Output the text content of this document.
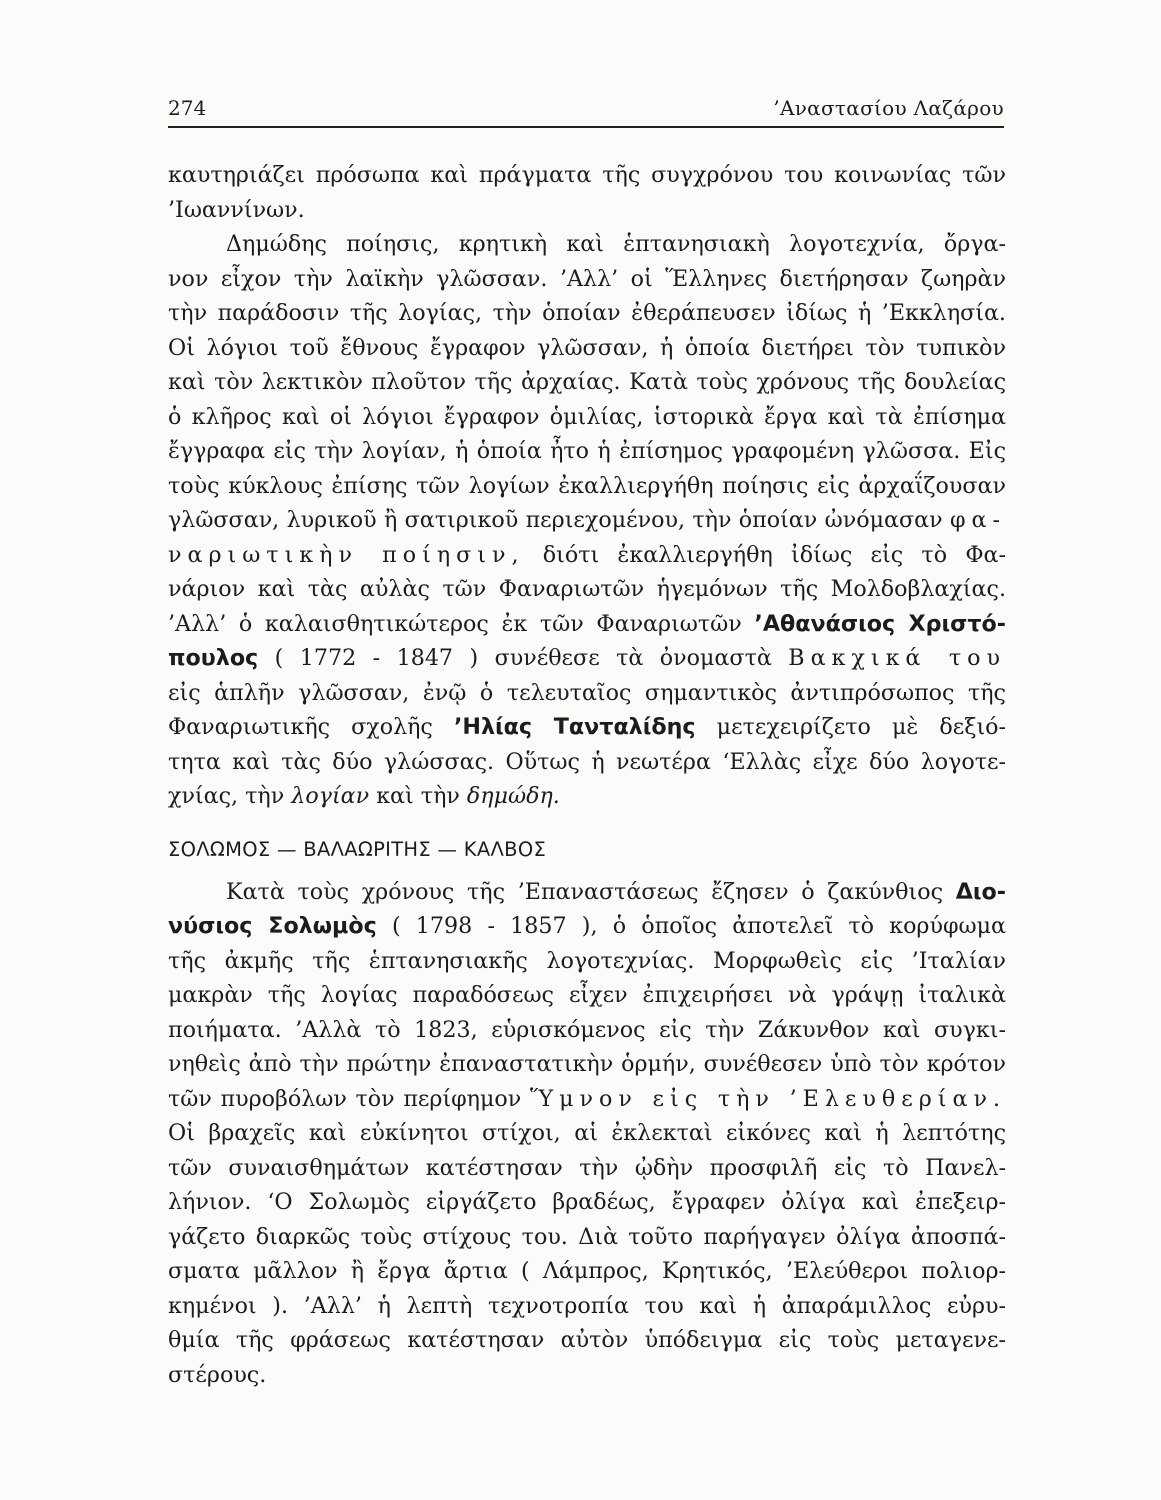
274	’Αναστασίου Λαζάρου
καυτηριάζει πρόσωπα καὶ πράγματα τῆς συγχρόνου του κοινωνίας τῶν
’Ιωαννίνων.
Δημώδης ποίησις, κρητικὴ καὶ ἑπτανησιακὴ λογοτεχνία, ὄργα-
νον εἶχον τὴν λαϊκὴν γλῶσσαν. ’Αλλ’ οἱ Ἕλληνες διετήρησαν ζωηρὰν
τὴν παράδοσιν τῆς λογίας, τὴν ὁποίαν ἐθεράπευσεν ἰδίως ἡ ’Εκκλησία.
Οἱ λόγιοι τοῦ ἔθνους ἔγραφον γλῶσσαν, ἡ ὁποία διετήρει τὸν τυπικὸν
καὶ τὸν λεκτικὸν πλοῦτον τῆς ἀρχαίας. Κατὰ τοὺς χρόνους τῆς δουλείας
ὁ κλῆρος καὶ οἱ λόγιοι ἔγραφον ὁμιλίας, ἱστορικὰ ἔργα καὶ τὰ ἐπίσημα
ἔγγραφα εἰς τὴν λογίαν, ἡ ὁποία ἦτο ἡ ἐπίσημος γραφομένη γλῶσσα. Εἰς
τοὺς κύκλους ἐπίσης τῶν λογίων ἐκαλλιεργήθη ποίησις εἰς ἀρχαΐζουσαν
γλῶσσαν, λυρικοῦ ἢ σατιρικοῦ περιεχομένου, τὴν ὁποίαν ὠνόμασαν φα-
ναριωτικὴν ποίησιν, διότι ἐκαλλιεργήθη ἰδίως εἰς τὸ Φα-
νάριον καὶ τὰς αὐλὰς τῶν Φαναριωτῶν ἡγεμόνων τῆς Μολδοβλαχίας.
’Αλλ’ ὁ καλαισθητικώτερος ἐκ τῶν Φαναριωτῶν ’Αθανάσιος Χριστό-
πουλος ( 1772 - 1847 ) συνέθεσε τὰ ὀνομαστὰ Βακχικά του
εἰς ἁπλῆν γλῶσσαν, ἐνῷ ὁ τελευταῖος σημαντικὸς ἀντιπρόσωπος τῆς
Φαναριωτικῆς σχολῆς ’Ηλίας Τανταλίδης μετεχειρίζετο μὲ δεξιό-
τητα καὶ τὰς δύο γλώσσας. Οὕτως ἡ νεωτέρα ‘Ελλὰς εἶχε δύο λογοτε-
χνίας, τὴν λογίαν καὶ τὴν δημώδη.
ΣΟΛΩΜΟΣ — ΒΑΛΑΩΡΙΤΗΣ — ΚΑΛΒΟΣ
Κατὰ τοὺς χρόνους τῆς ’Επαναστάσεως ἔζησεν ὁ ζακύνθιος Διο-
νύσιος Σολωμὸς ( 1798 - 1857 ), ὁ ὁποῖος ἀποτελεῖ τὸ κορύφωμα
τῆς ἀκμῆς τῆς ἑπτανησιακῆς λογοτεχνίας. Μορφωθεὶς εἰς ’Ιταλίαν
μακρὰν τῆς λογίας παραδόσεως εἶχεν ἐπιχειρήσει νὰ γράψῃ ἰταλικὰ
ποιήματα. ’Αλλὰ τὸ 1823, εὑρισκόμενος εἰς τὴν Ζάκυνθον καὶ συγκι-
νηθεὶς ἀπὸ τὴν πρώτην ἐπαναστατικὴν ὁρμήν, συνέθεσεν ὑπὸ τὸν κρότον
τῶν πυροβόλων τὸν περίφημον Ὕμνον εἰς τὴν ’Ελευθερίαν.
Οἱ βραχεῖς καὶ εὐκίνητοι στίχοι, αἱ ἐκλεκταὶ εἰκόνες καὶ ἡ λεπτότης
τῶν συναισθημάτων κατέστησαν τὴν ᾠδὴν προσφιλῆ εἰς τὸ Πανελ-
λήνιον. ‘Ο Σολωμὸς εἰργάζετο βραδέως, ἔγραφεν ὀλίγα καὶ ἐπεξειρ-
γάζετο διαρκῶς τοὺς στίχους του. Διὰ τοῦτο παρήγαγεν ὀλίγα ἀποσπά-
σματα μᾶλλον ἢ ἔργα ἄρτια ( Λάμπρος, Κρητικός, ’Ελεύθεροι πολιορ-
κημένοι ). ’Αλλ’ ἡ λεπτὴ τεχνοτροπία του καὶ ἡ ἀπαράμιλλος εὐρυ-
θμία τῆς φράσεως κατέστησαν αὐτὸν ὑπόδειγμα εἰς τοὺς μεταγενε-
στέρους.
